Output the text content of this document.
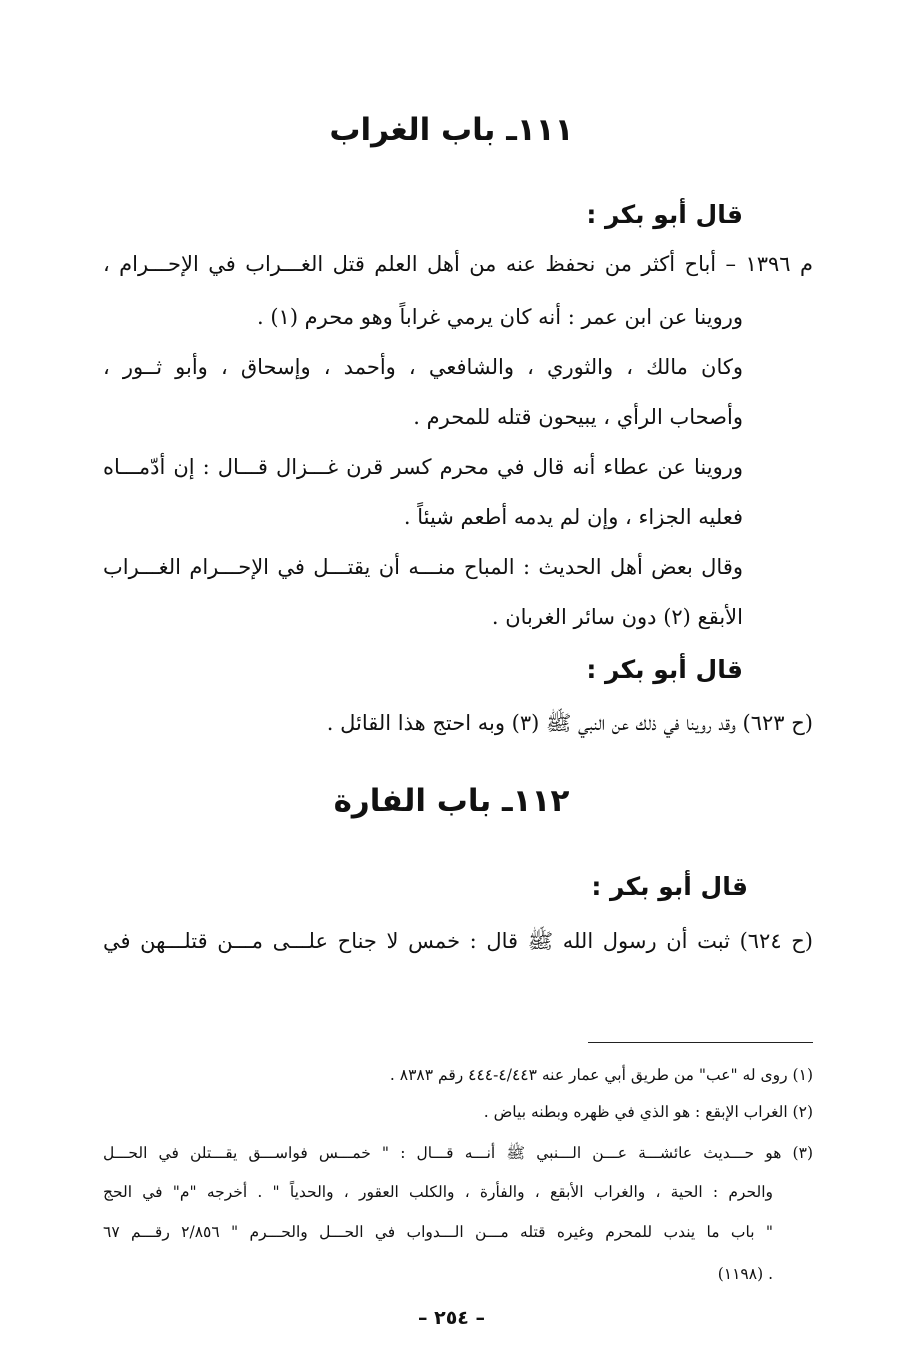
١١١ـ باب الغراب
قال أبو بكر :
م ١٣٩٦ – أباح أكثر من نحفظ عنه من أهل العلم قتل الغـــراب في الإحـــرام ،
وروينا عن ابن عمر : أنه كان يرمي غراباً وهو محرم (١) .
وكان مالك ، والثوري ، والشافعي ، وأحمد ، وإسحاق ، وأبو ثــور ،
وأصحاب الرأي ، يبيحون قتله للمحرم .
وروينا عن عطاء أنه قال في محرم كسر قرن غـــزال قـــال : إن أدّمـــاه
فعليه الجزاء ، وإن لم يدمه أطعم شيئاً .
وقال بعض أهل الحديث : المباح منـــه أن يقتـــل في الإحـــرام الغـــراب
الأبقع (٢) دون سائر الغربان .
قال أبو بكر :
(ح ٦٢٣) وقد روينا في ذلك عن النبي ﷺ (٣) وبه احتج هذا القائل .
١١٢ـ باب الفارة
قال أبو بكر :
(ح ٦٢٤) ثبت أن رسول الله ﷺ قال : خمس لا جناح علـــى مـــن قتلـــهن في
(١) روى له "عب" من طريق أبي عمار عنه ٤/٤٤٣-٤٤٤ رقم ٨٣٨٣ .
(٢) الغراب الإبقع : هو الذي في ظهره وبطنه بياض .
(٣) هو حـــديث عائشـــة عـــن الـــنبي ﷺ أنـــه قـــال : " خمـــس فواســـق يقـــتلن في الحـــل
والحرم : الحية ، والغراب الأبقع ، والفأرة ، والكلب العقور ، والحدياً " . أخرجه "م" في الحج
" باب ما يندب للمحرم وغيره قتله مـــن الـــدواب في الحـــل والحـــرم " ٢/٨٥٦ رقـــم ٦٧
. (١١٩٨)
– ٢٥٤ –
